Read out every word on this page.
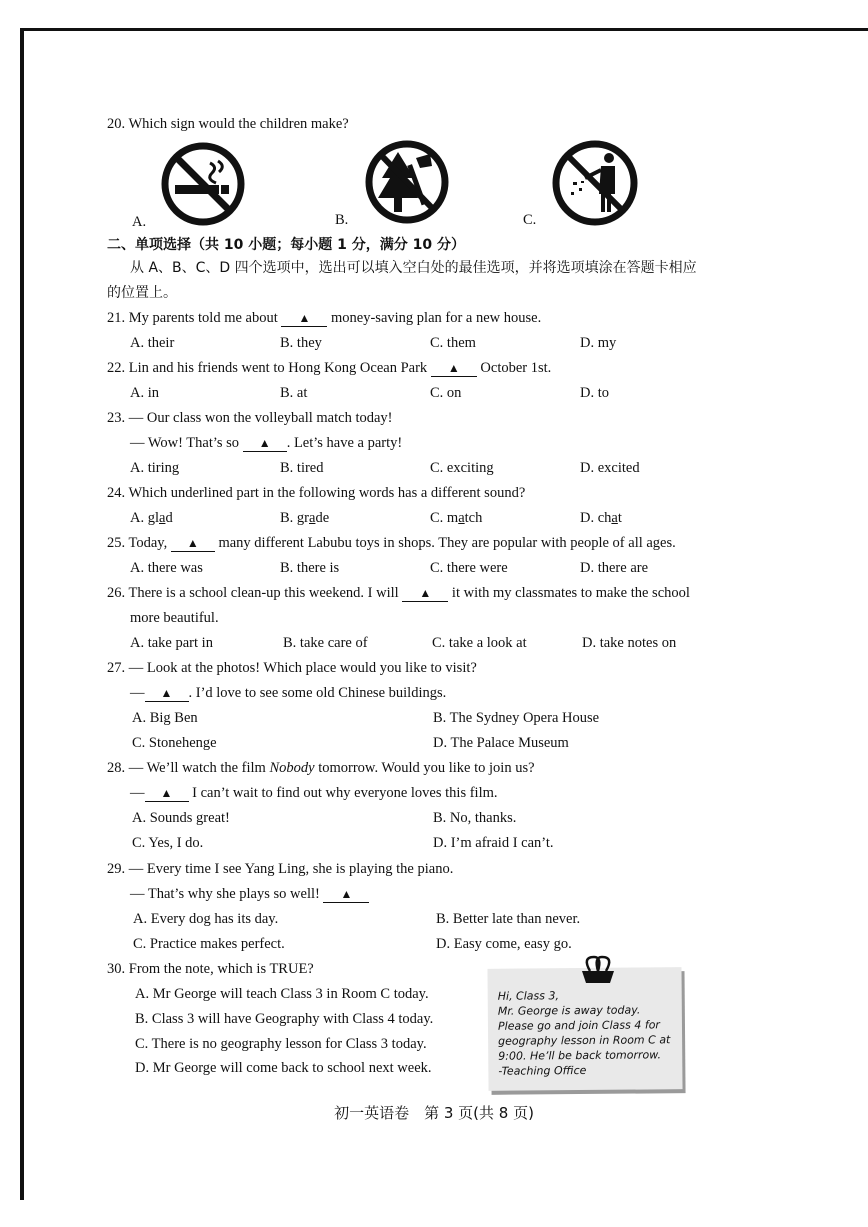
20. Which sign would the children make?
A.	B.	C.
二、单项选择（共 10 小题；每小题 1 分，满分 10 分）
从 A、B、C、D 四个选项中，选出可以填入空白处的最佳选项，并将选项填涂在答题卡相应
的位置上。
21. My parents told me about ▲ money-saving plan for a new house.
A. their	B. they	C. them	D. my
22. Lin and his friends went to Hong Kong Ocean Park ▲ October 1st.
A. in	B. at	C. on	D. to
23. — Our class won the volleyball match today!
— Wow! That’s so ▲ . Let’s have a party!
A. tiring	B. tired	C. exciting	D. excited
24. Which underlined part in the following words has a different sound?
A. glad	B. grade	C. match	D. chat
25. Today, ▲ many different Labubu toys in shops. They are popular with people of all ages.
A. there was	B. there is	C. there were	D. there are
26. There is a school clean-up this weekend. I will ▲ it with my classmates to make the school
more beautiful.
A. take part in	B. take care of	C. take a look at	D. take notes on
27. — Look at the photos! Which place would you like to visit?
— ▲ . I’d love to see some old Chinese buildings.
A. Big Ben	B. The Sydney Opera House
C. Stonehenge	D. The Palace Museum
28. — We’ll watch the film Nobody tomorrow. Would you like to join us?
— ▲ I can’t wait to find out why everyone loves this film.
A. Sounds great!	B. No, thanks.
C. Yes, I do.	D. I’m afraid I can’t.
29. — Every time I see Yang Ling, she is playing the piano.
— That’s why she plays so well! ▲
A. Every dog has its day.	B. Better late than never.
C. Practice makes perfect.	D. Easy come, easy go.
30. From the note, which is TRUE?
A. Mr George will teach Class 3 in Room C today.
B. Class 3 will have Geography with Class 4 today.
C. There is no geography lesson for Class 3 today.
D. Mr George will come back to school next week.
Hi, Class 3,
Mr. George is away today.
Please go and join Class 4 for
geography lesson in Room C at
9:00. He’ll be back tomorrow.
-Teaching Office
初一英语卷　第 3 页(共 8 页)
